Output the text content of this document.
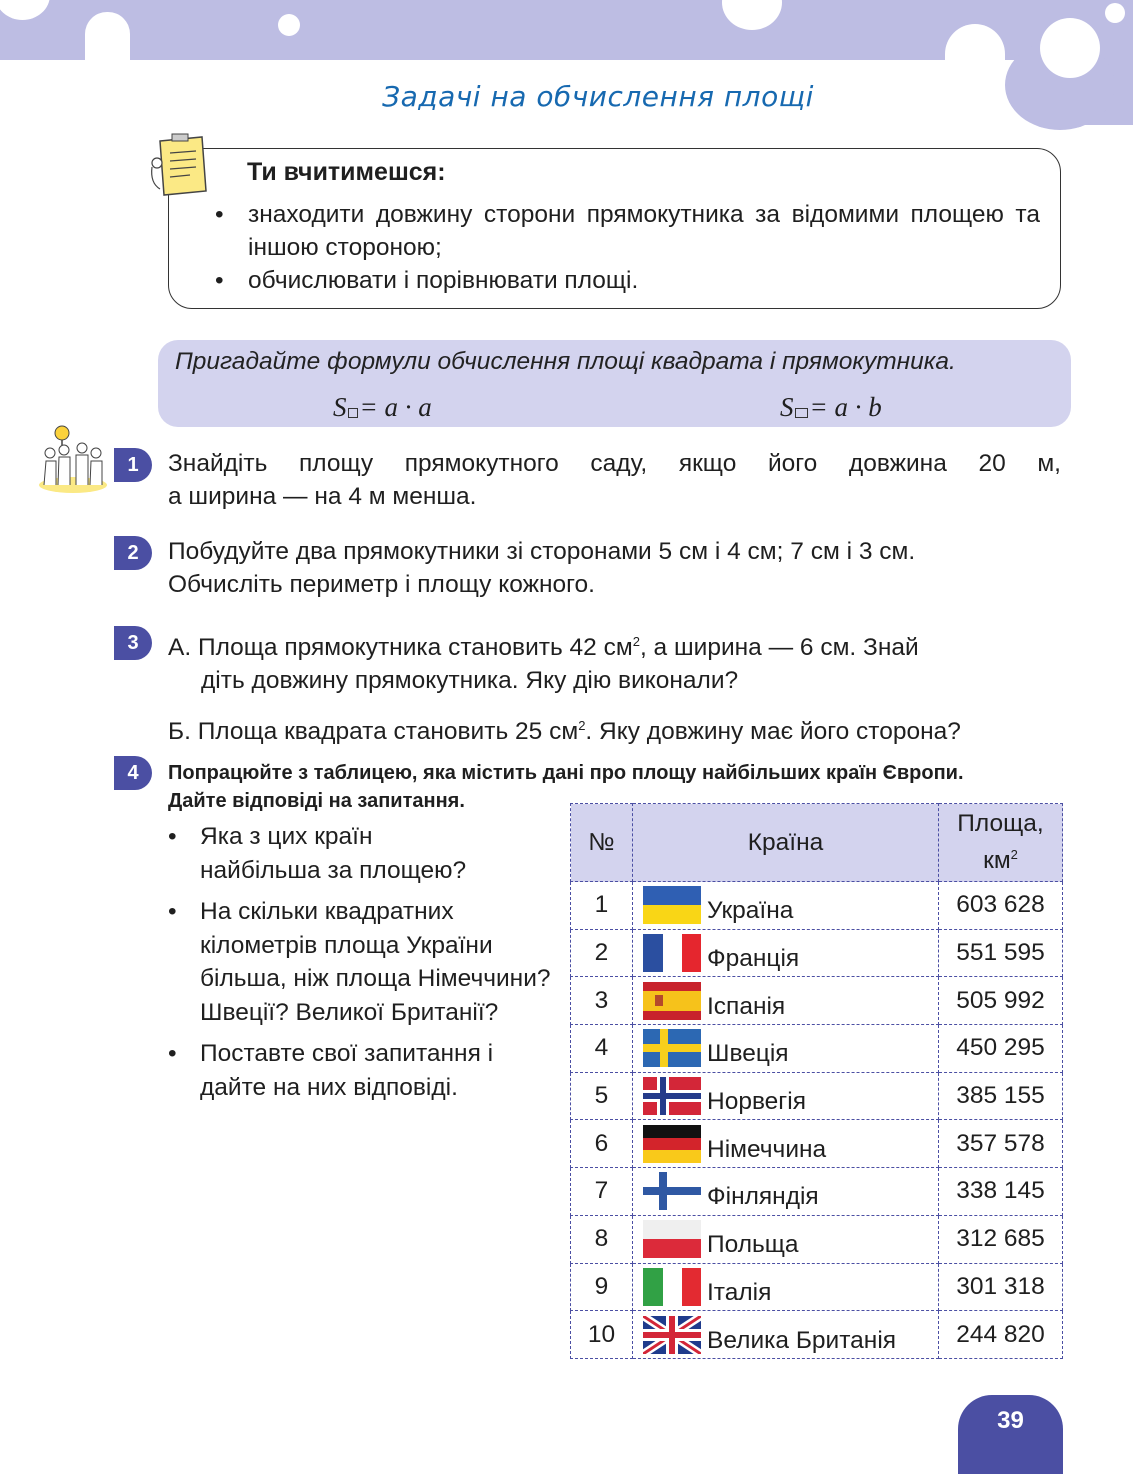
Задачі на обчислення площі
Ти вчитимешся:
• знаходити довжину сторони прямокутника за відомими площею та іншою стороною;
• обчислювати і порівнювати площі.
Пригадайте формули обчислення площі квадрата і прямокутника.
S = a · a	S = a · b
1	Знайдіть площу прямокутного саду, якщо його довжина 20 м,
а ширина — на 4 м менша.
2	Побудуйте два прямокутники зі сторонами 5 см і 4 см; 7 см і 3 см.
Обчисліть периметр і площу кожного.
3	А. Площа прямокутника становить 42 $см^2$, а ширина — 6 см. Знай
діть довжину прямокутника. Яку дію виконали?
Б. Площа квадрата становить 25 $см^2$. Яку довжину має його сторона?
4	Попрацюйте з таблицею, яка містить дані про площу найбільших країн Європи.
Дайте відповіді на запитання.
• Яка з цих країн найбільша за площею?
• На скільки квадратних кілометрів площа України більша, ніж площа Німеччини? Швеції? Великої Британії?
• Поставте свої запитання і дайте на них відповіді.
№	Країна	Площа,
$км^2$
1	Україна	603 628
2	Франція	551 595
3	Іспанія	505 992
4	Швеція	450 295
5	Норвегія	385 155
6	Німеччина	357 578
7	Фінляндія	338 145
8	Польща	312 685
9	Італія	301 318
10	Велика Британія	244 820
39
